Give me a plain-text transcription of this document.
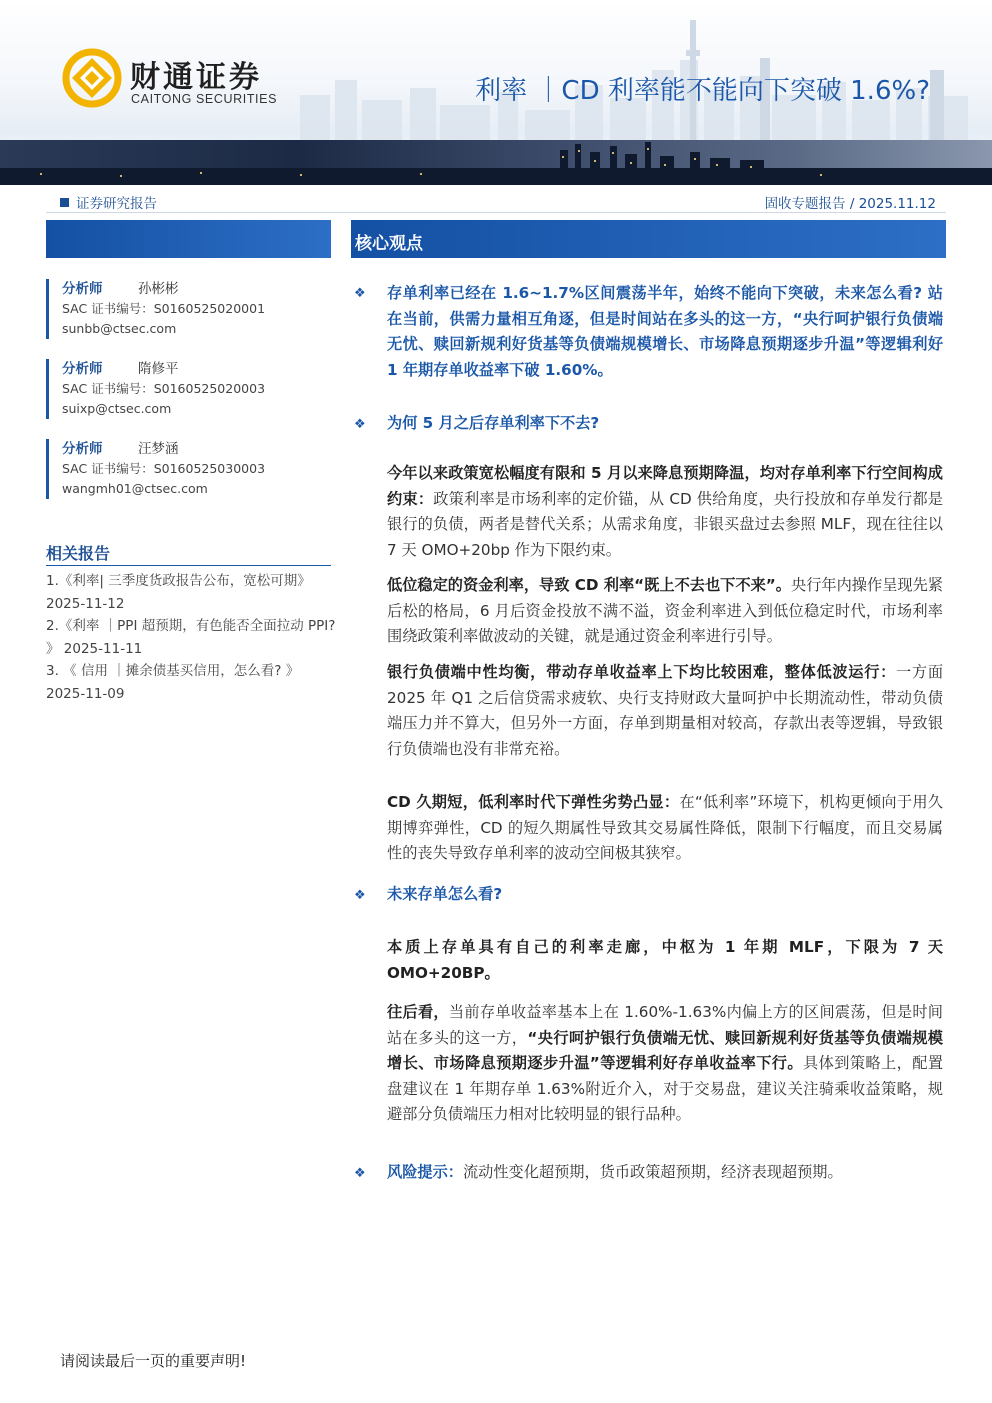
财通证券
CAITONG SECURITIES	利率 ｜CD 利率能不能向下突破 1.6%?
证券研究报告	固收专题报告 / 2025.11.12
分析师	孙彬彬
SAC 证书编号：S0160525020001
sunbb@ctsec.com
分析师	隋修平
SAC 证书编号：S0160525020003
suixp@ctsec.com
分析师	汪梦涵
SAC 证书编号：S0160525030003
wangmh01@ctsec.com
相关报告
1.《利率| 三季度货政报告公布，宽松可期》 2025-11-12
2.《利率 ｜PPI 超预期，有色能否全面拉动 PPI? 》 2025-11-11
3. 《 信用 ｜摊余债基买信用，怎么看? 》 2025-11-09
核心观点
❖ 存单利率已经在 1.6~1.7%区间震荡半年，始终不能向下突破，未来怎么看? 站在当前，供需力量相互角逐，但是时间站在多头的这一方，“央行呵护银行负债端无忧、赎回新规利好货基等负债端规模增长、市场降息预期逐步升温”等逻辑利好 1 年期存单收益率下破 1.60%。
❖ 为何 5 月之后存单利率下不去?
今年以来政策宽松幅度有限和 5 月以来降息预期降温，均对存单利率下行空间构成约束：政策利率是市场利率的定价锚，从 CD 供给角度，央行投放和存单发行都是银行的负债，两者是替代关系；从需求角度，非银买盘过去参照 MLF，现在往往以 7 天 OMO+20bp 作为下限约束。
低位稳定的资金利率，导致 CD 利率“既上不去也下不来”。央行年内操作呈现先紧后松的格局，6 月后资金投放不满不溢，资金利率进入到低位稳定时代，市场利率围绕政策利率做波动的关键，就是通过资金利率进行引导。
银行负债端中性均衡，带动存单收益率上下均比较困难，整体低波运行：一方面 2025 年 Q1 之后信贷需求疲软、央行支持财政大量呵护中长期流动性，带动负债端压力并不算大，但另外一方面，存单到期量相对较高，存款出表等逻辑，导致银行负债端也没有非常充裕。
CD 久期短，低利率时代下弹性劣势凸显：在“低利率”环境下，机构更倾向于用久期博弈弹性，CD 的短久期属性导致其交易属性降低，限制下行幅度，而且交易属性的丧失导致存单利率的波动空间极其狭窄。
❖ 未来存单怎么看?
本质上存单具有自己的利率走廊，中枢为 1 年期 MLF，下限为 7 天 OMO+20BP。
往后看，当前存单收益率基本上在 1.60%-1.63%内偏上方的区间震荡，但是时间站在多头的这一方，“央行呵护银行负债端无忧、赎回新规利好货基等负债端规模增长、市场降息预期逐步升温”等逻辑利好存单收益率下行。具体到策略上，配置盘建议在 1 年期存单 1.63%附近介入，对于交易盘，建议关注骑乘收益策略，规避部分负债端压力相对比较明显的银行品种。
❖ 风险提示：流动性变化超预期，货币政策超预期，经济表现超预期。
请阅读最后一页的重要声明!
